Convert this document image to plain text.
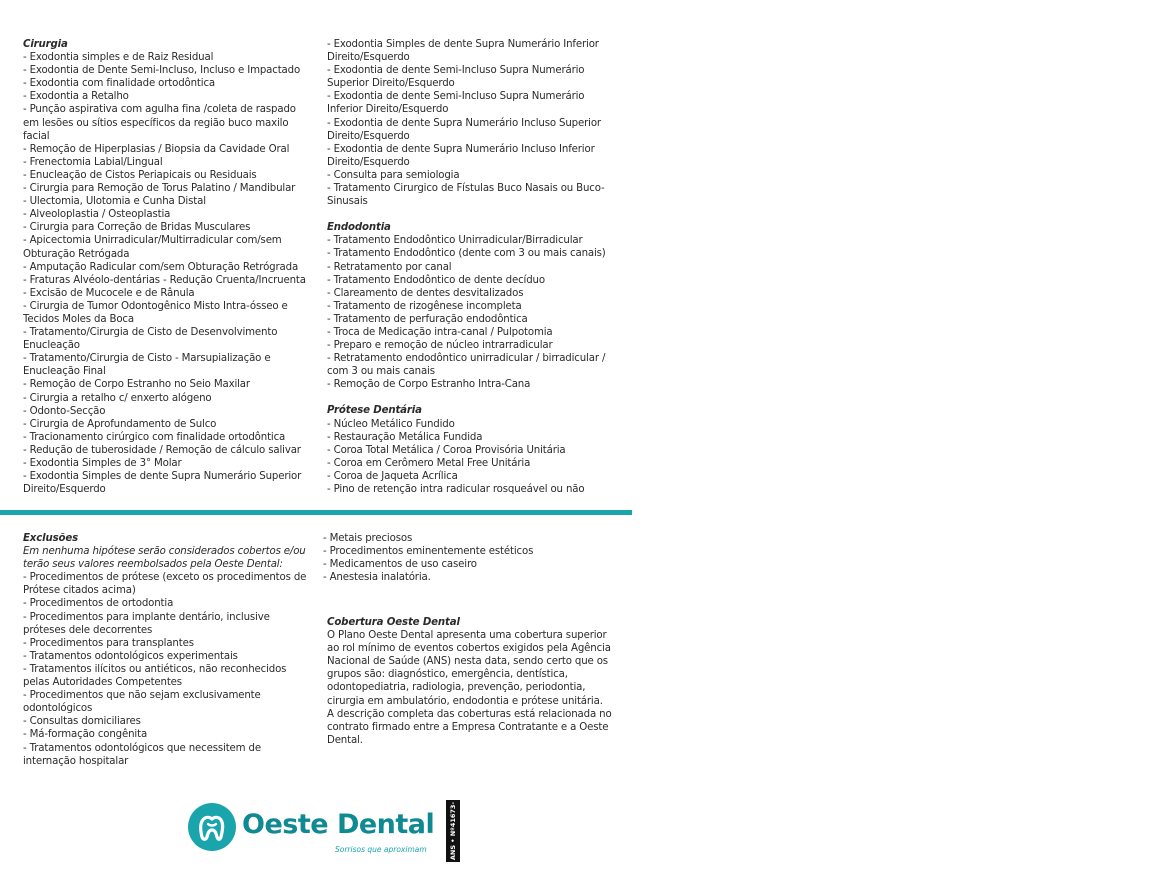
Cirurgia
- Exodontia simples e de Raiz Residual
- Exodontia de Dente Semi-Incluso, Incluso e Impactado
- Exodontia com finalidade ortodôntica
- Exodontia a Retalho
- Punção aspirativa com agulha fina /coleta de raspado em lesões ou sítios específicos da região buco maxilo facial
- Remoção de Hiperplasias / Biopsia da Cavidade Oral
- Frenectomia Labial/Lingual
- Enucleação de Cistos Periapicais ou Residuais
- Cirurgia para Remoção de Torus Palatino / Mandibular
- Ulectomia, Ulotomia e Cunha Distal
- Alveoloplastia / Osteoplastia
- Cirurgia para Correção de Bridas Musculares
- Apicectomia Unirradicular/Multirradicular com/sem Obturação Retrógada
- Amputação Radicular com/sem Obturação Retrógrada
- Fraturas Alvéolo-dentárias - Redução Cruenta/Incruenta
- Excisão de Mucocele e de Rânula
- Cirurgia de Tumor Odontogênico Misto Intra-ósseo e Tecidos Moles da Boca
- Tratamento/Cirurgia de Cisto de Desenvolvimento Enucleação
- Tratamento/Cirurgia de Cisto - Marsupialização e Enucleação Final
- Remoção de Corpo Estranho no Seio Maxilar
- Cirurgia a retalho c/ enxerto alógeno
- Odonto-Secção
- Cirurgia de Aprofundamento de Sulco
- Tracionamento cirúrgico com finalidade ortodôntica
- Redução de tuberosidade / Remoção de cálculo salivar
- Exodontia Simples de 3° Molar
- Exodontia Simples de dente Supra Numerário Superior Direito/Esquerdo
- Exodontia Simples de dente Supra Numerário Inferior Direito/Esquerdo
- Exodontia de dente Semi-Incluso Supra Numerário Superior Direito/Esquerdo
- Exodontia de dente Semi-Incluso Supra Numerário Inferior Direito/Esquerdo
- Exodontia de dente Supra Numerário Incluso Superior Direito/Esquerdo
- Exodontia de dente Supra Numerário Incluso Inferior Direito/Esquerdo
- Consulta para semiologia
- Tratamento Cirurgico de Fístulas Buco Nasais ou Buco-Sinusais
Endodontia
- Tratamento Endodôntico Unirradicular/Birradicular
- Tratamento Endodôntico (dente com 3 ou mais canais)
- Retratamento por canal
- Tratamento Endodôntico de dente decíduo
- Clareamento de dentes desvitalizados
- Tratamento de rizogênese incompleta
- Tratamento de perfuração endodôntica
- Troca de Medicação intra-canal / Pulpotomia
- Preparo e remoção de núcleo intrarradicular
- Retratamento endodôntico unirradicular / birradicular / com 3 ou mais canais
- Remoção de Corpo Estranho Intra-Cana
Prótese Dentária
- Núcleo Metálico Fundido
- Restauração Metálica Fundida
- Coroa Total Metálica / Coroa Provisória Unitária
- Coroa em Cerômero Metal Free Unitária
- Coroa de Jaqueta Acrílica
- Pino de retenção intra radicular rosqueável ou não
Exclusões
Em nenhuma hipótese serão considerados cobertos e/ou terão seus valores reembolsados pela Oeste Dental:
- Procedimentos de prótese (exceto os procedimentos de Prótese citados acima)
- Procedimentos de ortodontia
- Procedimentos para implante dentário, inclusive próteses dele decorrentes
- Procedimentos para transplantes
- Tratamentos odontológicos experimentais
- Tratamentos ilícitos ou antiéticos, não reconhecidos pelas Autoridades Competentes
- Procedimentos que não sejam exclusivamente odontológicos
- Consultas domiciliares
- Má-formação congênita
- Tratamentos odontológicos que necessitem de internação hospitalar
- Metais preciosos
- Procedimentos eminentemente estéticos
- Medicamentos de uso caseiro
- Anestesia inalatória.
Cobertura Oeste Dental
O Plano Oeste Dental apresenta uma cobertura superior ao rol mínimo de eventos cobertos exigidos pela Agência Nacional de Saúde (ANS) nesta data, sendo certo que os grupos são: diagnóstico, emergência, dentística, odontopediatria, radiologia, prevenção, periodontia, cirurgia em ambulatório, endodontia e prótese unitária. A descrição completa das coberturas está relacionada no contrato firmado entre a Empresa Contratante e a Oeste Dental.
Oeste Dental
Sorrisos que aproximam	ANS • Nº41673-4
